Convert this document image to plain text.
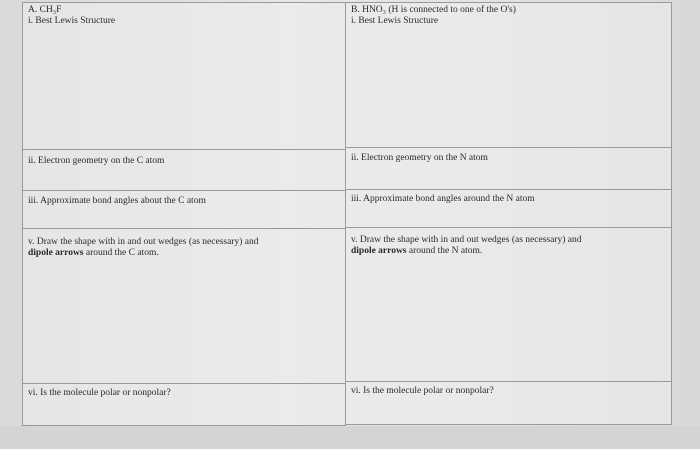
A. CH₃F
i. Best Lewis Structure
ii. Electron geometry on the C atom
iii. Approximate bond angles about the C atom
v. Draw the shape with in and out wedges (as necessary) and
dipole arrows around the C atom.
vi. Is the molecule polar or nonpolar?
B. HNO₃ (H is connected to one of the O's)
i. Best Lewis Structure
ii. Electron geometry on the N atom
iii. Approximate bond angles around the N atom
v. Draw the shape with in and out wedges (as necessary) and
dipole arrows around the N atom.
vi. Is the molecule polar or nonpolar?
